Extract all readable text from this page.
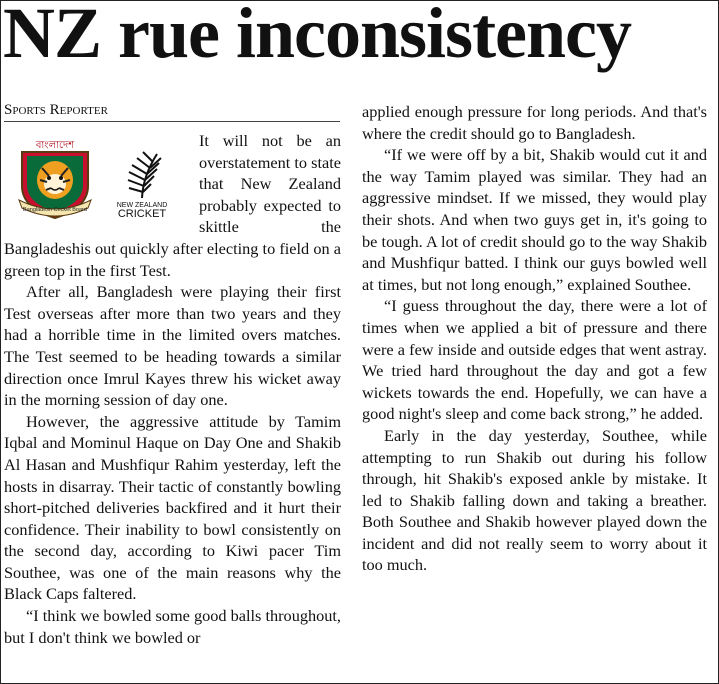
NZ rue inconsistency
Sports Reporter
বাংলাদেশ
Bangladesh Cricket Board
NEW ZEALAND
CRICKET

It will not be an overstatement to state that New Zealand probably expected to skittle the Bangladeshis out quickly after electing to field on a green top in the first Test.

After all, Bangladesh were playing their first Test overseas after more than two years and they had a horrible time in the limited overs matches. The Test seemed to be heading towards a similar direction once Imrul Kayes threw his wicket away in the morning session of day one.

However, the aggressive attitude by Tamim Iqbal and Mominul Haque on Day One and Shakib Al Hasan and Mushfiqur Rahim yesterday, left the hosts in disarray. Their tactic of constantly bowling short-pitched deliveries backfired and it hurt their confidence. Their inability to bowl consistently on the second day, according to Kiwi pacer Tim Southee, was one of the main reasons why the Black Caps faltered.

“I think we bowled some good balls throughout, but I don't think we bowled or

applied enough pressure for long periods. And that's where the credit should go to Bangladesh.

“If we were off by a bit, Shakib would cut it and the way Tamim played was similar. They had an aggressive mindset. If we missed, they would play their shots. And when two guys get in, it's going to be tough. A lot of credit should go to the way Shakib and Mushfiqur batted. I think our guys bowled well at times, but not long enough,” explained Southee.

“I guess throughout the day, there were a lot of times when we applied a bit of pressure and there were a few inside and outside edges that went astray. We tried hard throughout the day and got a few wickets towards the end. Hopefully, we can have a good night's sleep and come back strong,” he added.

Early in the day yesterday, Southee, while attempting to run Shakib out during his follow through, hit Shakib's exposed ankle by mistake. It led to Shakib falling down and taking a breather. Both Southee and Shakib however played down the incident and did not really seem to worry about it too much.
